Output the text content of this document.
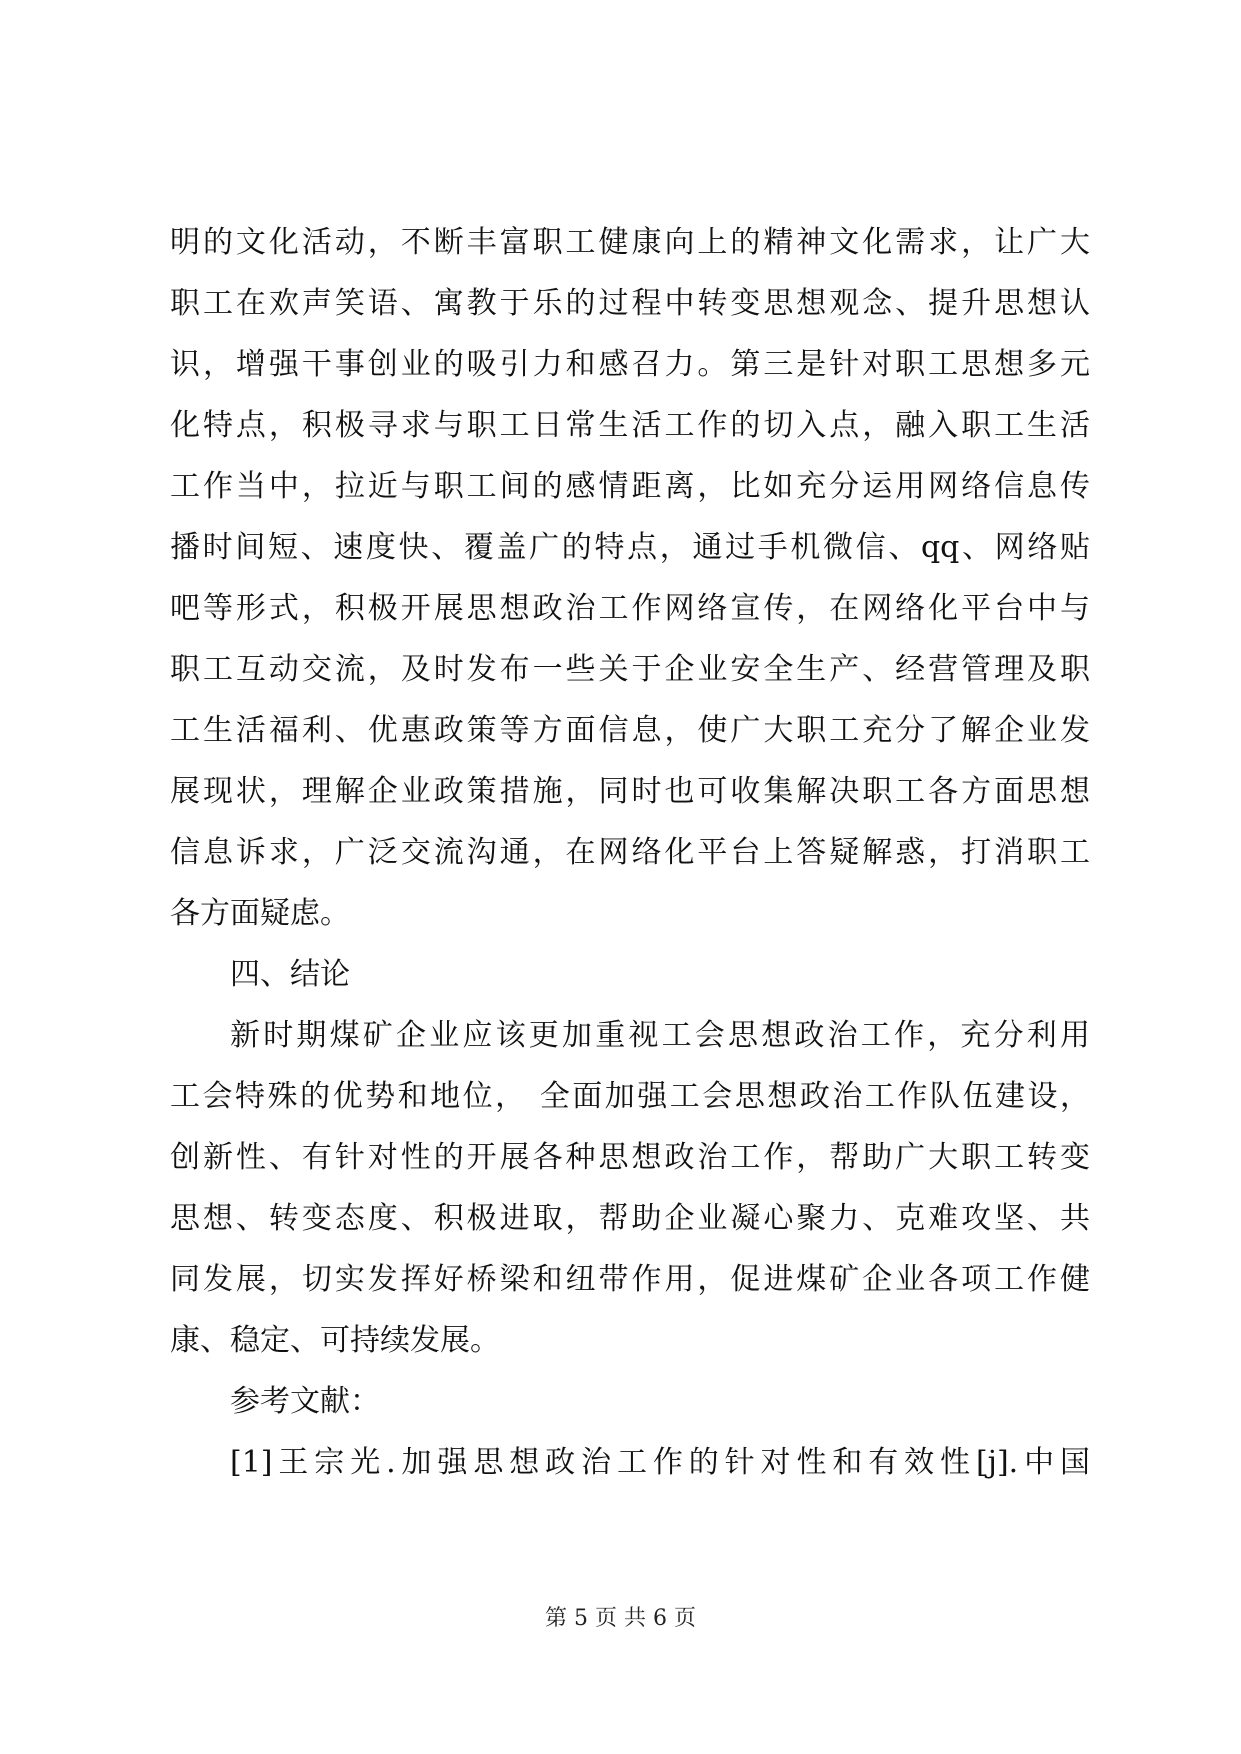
明的文化活动，不断丰富职工健康向上的精神文化需求，让广大
职工在欢声笑语、寓教于乐的过程中转变思想观念、提升思想认
识，增强干事创业的吸引力和感召力。第三是针对职工思想多元
化特点，积极寻求与职工日常生活工作的切入点，融入职工生活
工作当中，拉近与职工间的感情距离，比如充分运用网络信息传
播时间短、速度快、覆盖广的特点，通过手机微信、qq、网络贴
吧等形式，积极开展思想政治工作网络宣传，在网络化平台中与
职工互动交流，及时发布一些关于企业安全生产、经营管理及职
工生活福利、优惠政策等方面信息，使广大职工充分了解企业发
展现状，理解企业政策措施，同时也可收集解决职工各方面思想
信息诉求，广泛交流沟通，在网络化平台上答疑解惑，打消职工
各方面疑虑。
四、结论
新时期煤矿企业应该更加重视工会思想政治工作，充分利用
工会特殊的优势和地位， 全面加强工会思想政治工作队伍建设，
创新性、有针对性的开展各种思想政治工作，帮助广大职工转变
思想、转变态度、积极进取，帮助企业凝心聚力、克难攻坚、共
同发展，切实发挥好桥梁和纽带作用，促进煤矿企业各项工作健
康、稳定、可持续发展。
参考文献：
[1]王宗光.加强思想政治工作的针对性和有效性[j].中国
第 5 页 共 6 页
